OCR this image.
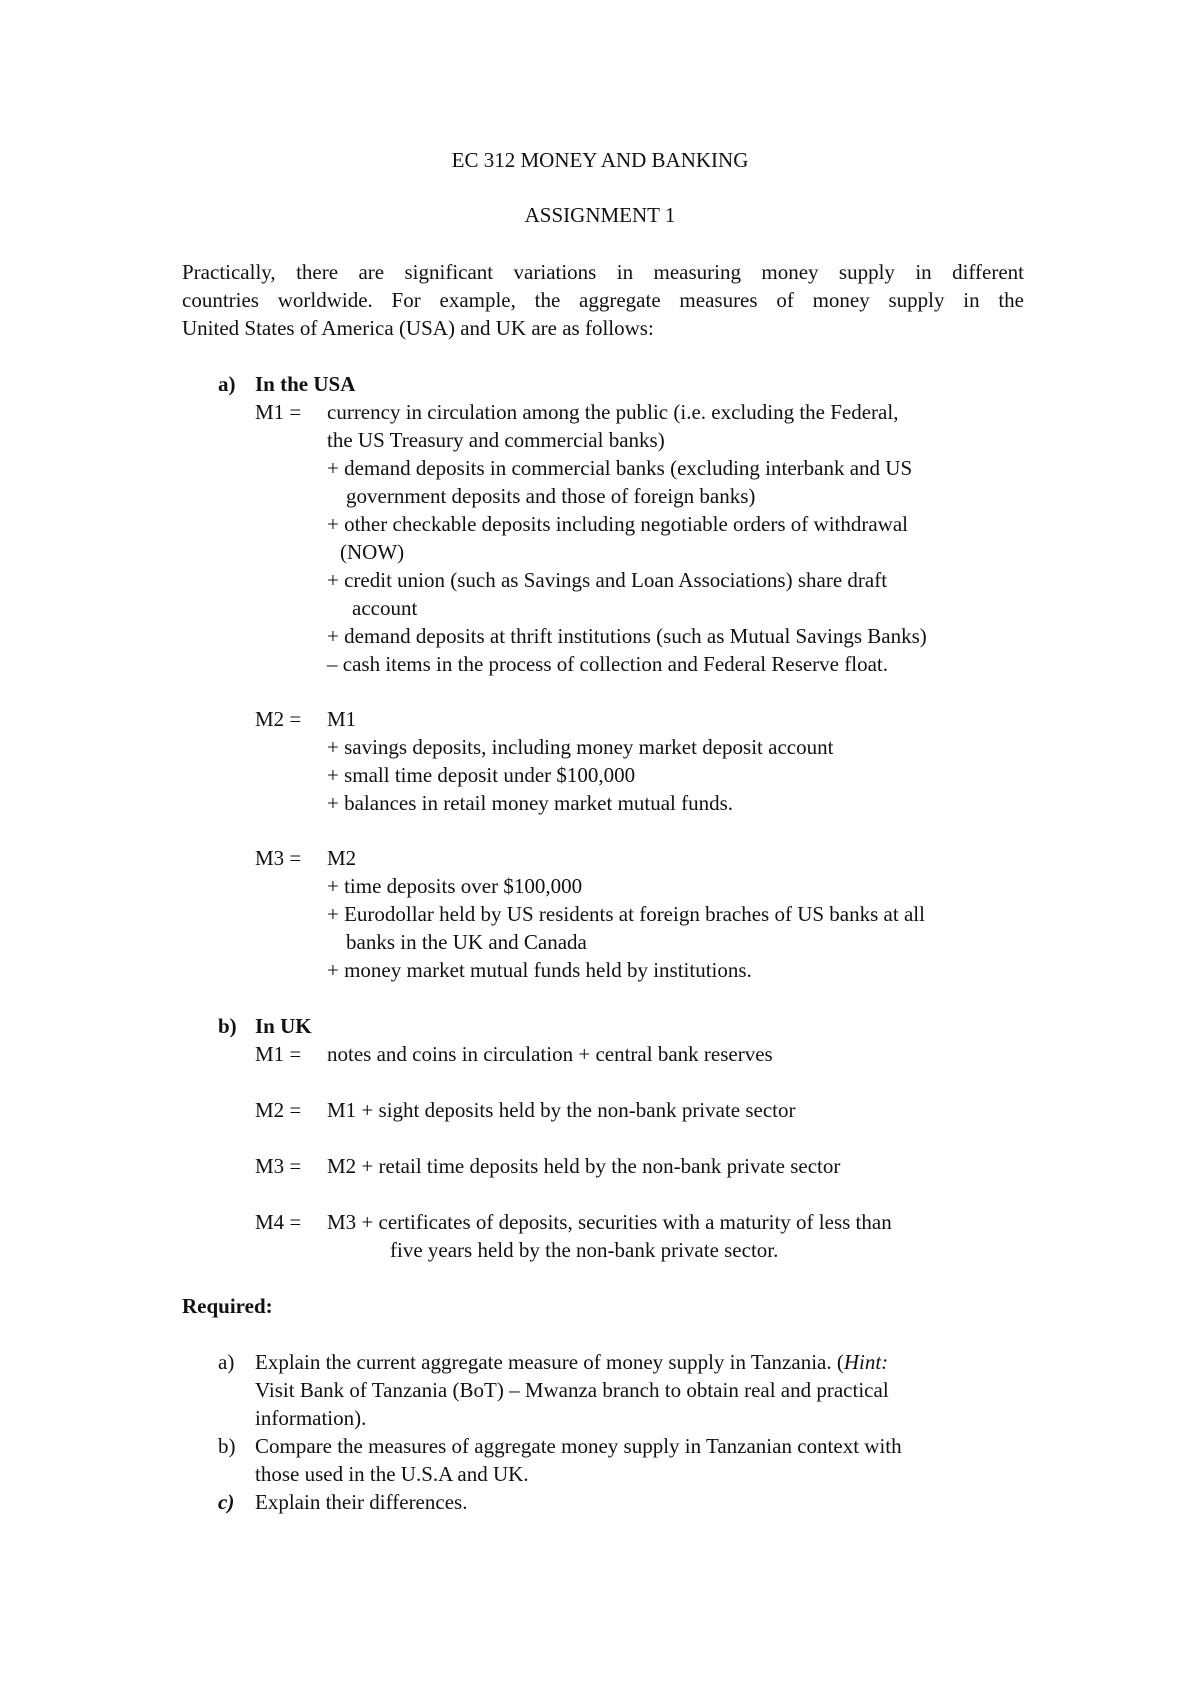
EC 312 MONEY AND BANKING
ASSIGNMENT 1
Practically, there are significant variations in measuring money supply in different
countries worldwide. For example, the aggregate measures of money supply in the
United States of America (USA) and UK are as follows:
a) In the USA
M1 = currency in circulation among the public (i.e. excluding the Federal,
the US Treasury and commercial banks)
+ demand deposits in commercial banks (excluding interbank and US
government deposits and those of foreign banks)
+ other checkable deposits including negotiable orders of withdrawal
(NOW)
+ credit union (such as Savings and Loan Associations) share draft
account
+ demand deposits at thrift institutions (such as Mutual Savings Banks)
– cash items in the process of collection and Federal Reserve float.
M2 = M1
+ savings deposits, including money market deposit account
+ small time deposit under $100,000
+ balances in retail money market mutual funds.
M3 = M2
+ time deposits over $100,000
+ Eurodollar held by US residents at foreign braches of US banks at all
banks in the UK and Canada
+ money market mutual funds held by institutions.
b) In UK
M1 = notes and coins in circulation + central bank reserves
M2 = M1 + sight deposits held by the non-bank private sector
M3 = M2 + retail time deposits held by the non-bank private sector
M4 = M3 + certificates of deposits, securities with a maturity of less than
five years held by the non-bank private sector.
Required:
a) Explain the current aggregate measure of money supply in Tanzania. (Hint:
Visit Bank of Tanzania (BoT) – Mwanza branch to obtain real and practical
information).
b) Compare the measures of aggregate money supply in Tanzanian context with
those used in the U.S.A and UK.
c) Explain their differences.
